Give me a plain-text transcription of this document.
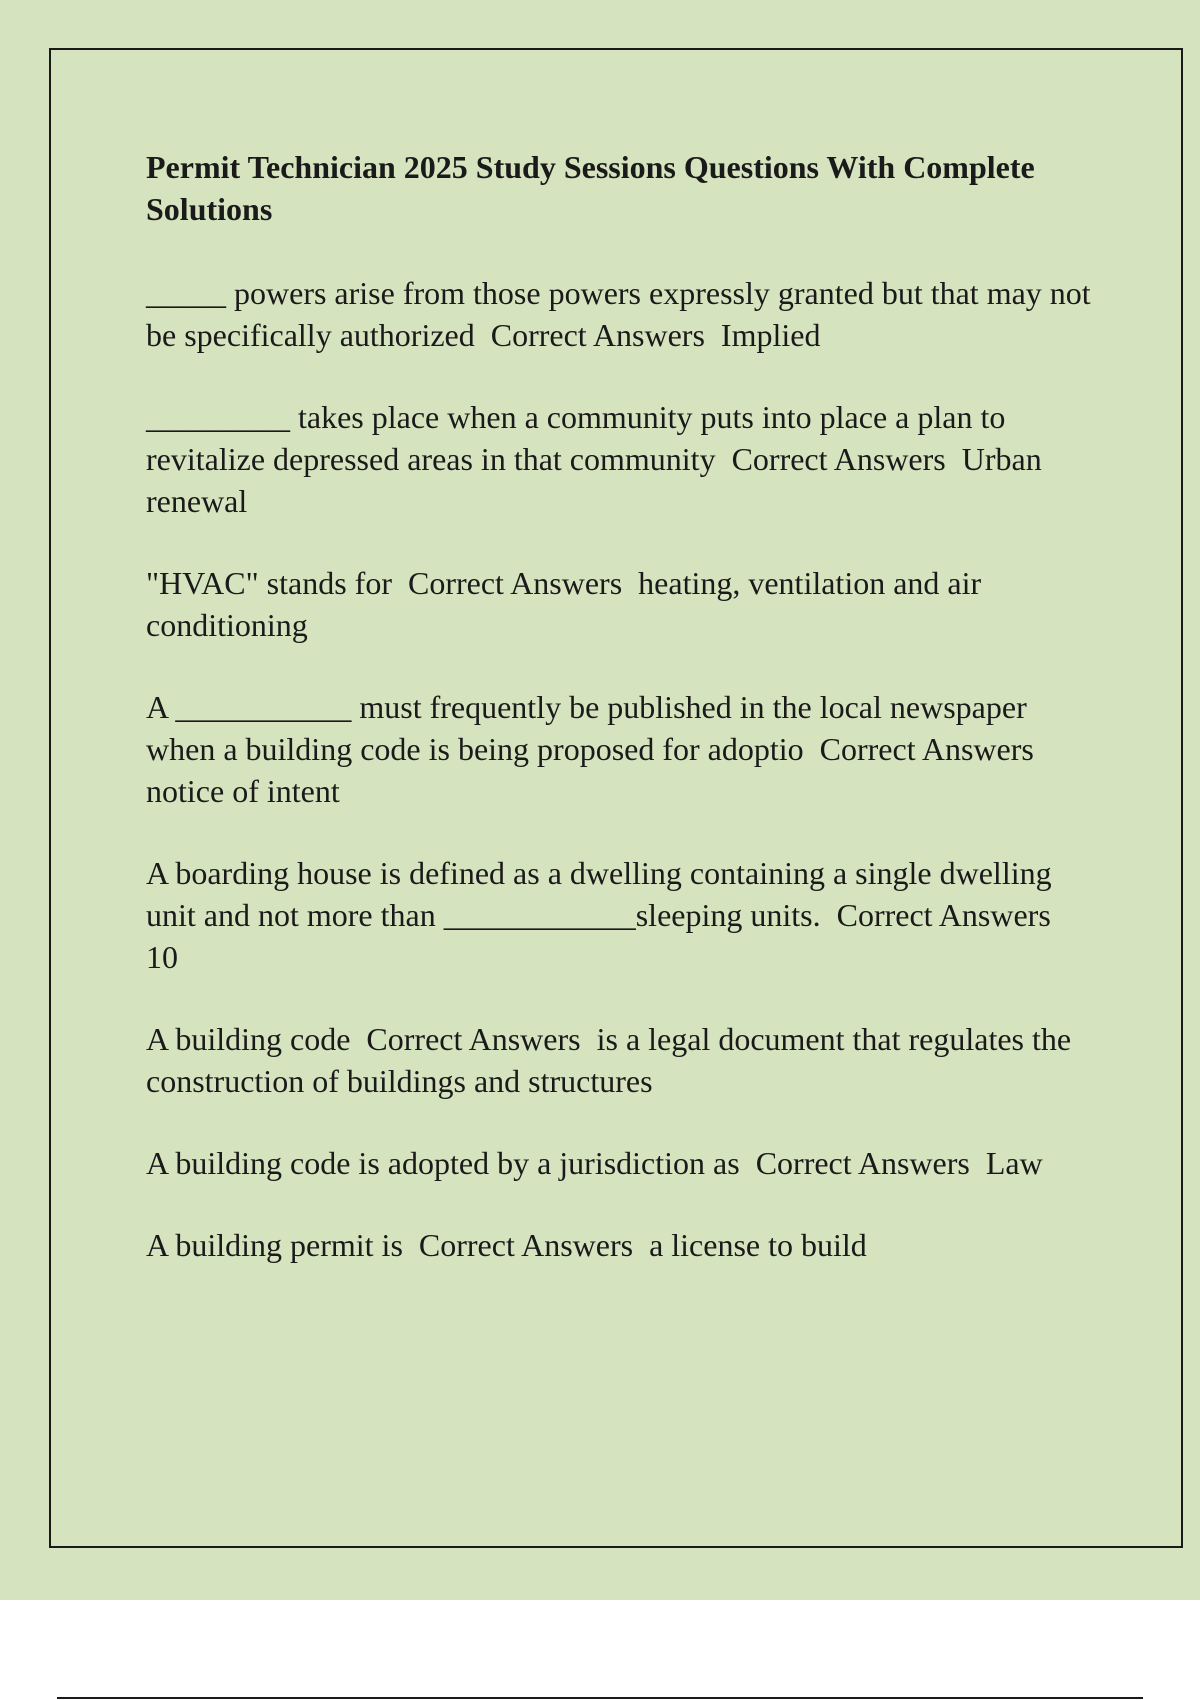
Permit Technician 2025 Study Sessions Questions With Complete Solutions

_____ powers arise from those powers expressly granted but that may not be specifically authorized Correct Answers Implied

_________ takes place when a community puts into place a plan to revitalize depressed areas in that community Correct Answers Urban renewal

"HVAC" stands for Correct Answers heating, ventilation and air conditioning

A ___________ must frequently be published in the local newspaper when a building code is being proposed for adoptio Correct Answers  notice of intent

A boarding house is defined as a dwelling containing a single dwelling unit and not more than ____________sleeping units. Correct Answers  10

A building code Correct Answers is a legal document that regulates the construction of buildings and structures

A building code is adopted by a jurisdiction as Correct Answers Law

A building permit is Correct Answers a license to build
